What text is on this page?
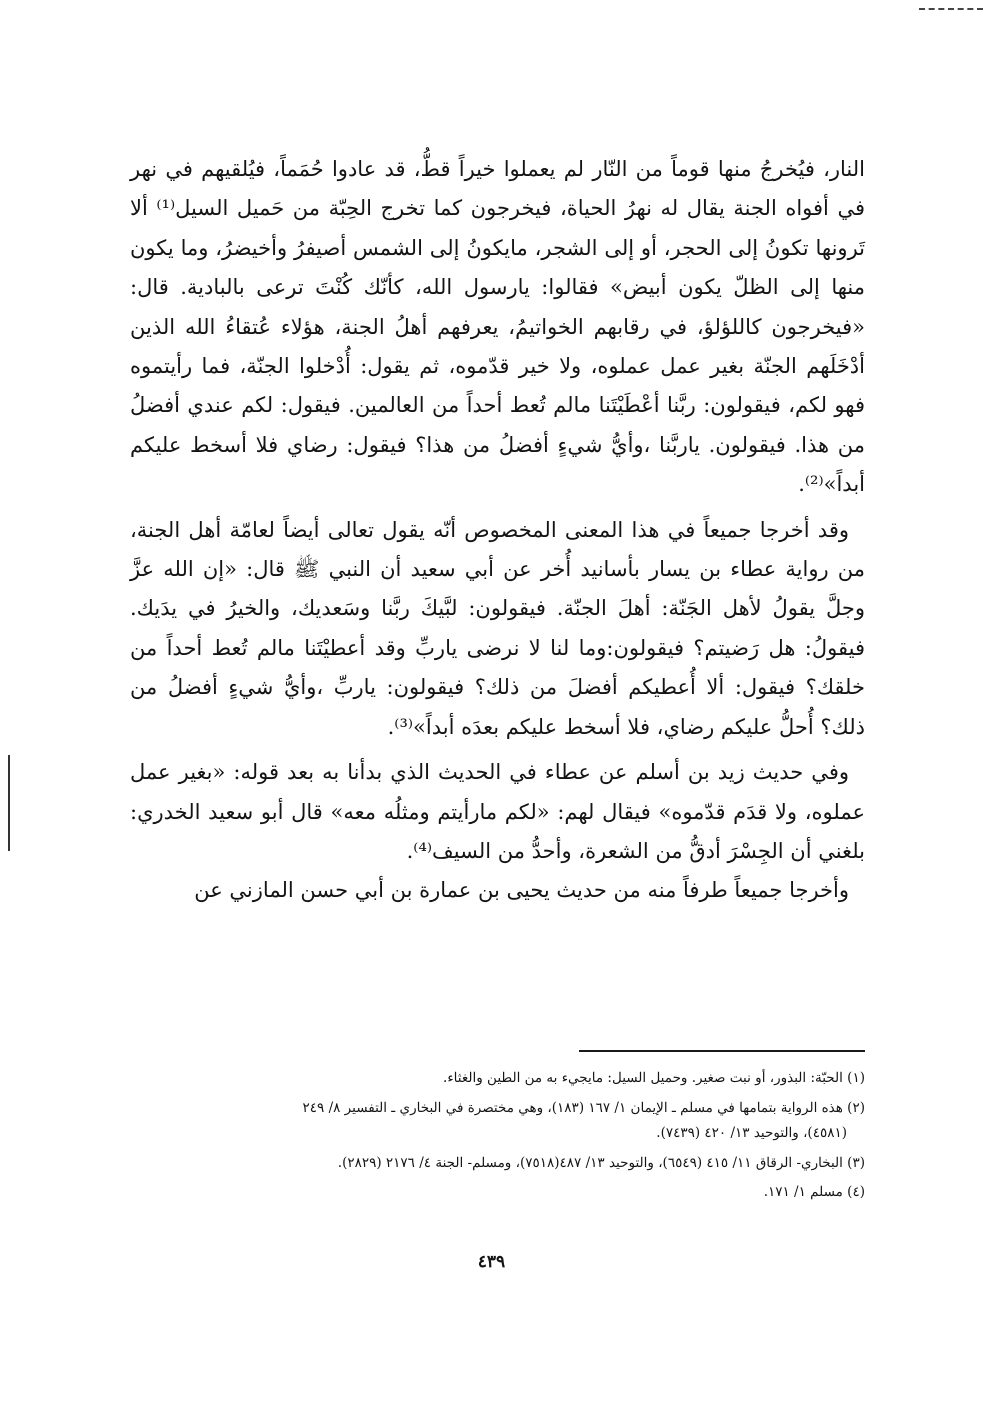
النار، فيُخرجُ منها قوماً من النّار لم يعملوا خيراً قطُّ، قد عادوا حُمَماً، فيُلقيهم في نهر في أفواه الجنة يقال له نهرُ الحياة، فيخرجون كما تخرج الحِبّة من حَميل السيل⁽¹⁾ ألا تَرونها تكونُ إلى الحجر، أو إلى الشجر، مايكونُ إلى الشمس أصيفرُ وأخيضرُ، وما يكون منها إلى الظلّ يكون أبيض» فقالوا: يارسول الله، كأنّك كُنْتَ ترعى بالبادية. قال: «فيخرجون كاللؤلؤ، في رقابهم الخواتيمُ، يعرفهم أهلُ الجنة، هؤلاء عُتقاءُ الله الذين أدْخَلَهم الجنّة بغير عمل عملوه، ولا خير قدّموه، ثم يقول: أُدْخلوا الجنّة، فما رأيتموه فهو لكم، فيقولون: ربَّنا أعْطَيْتَنا مالم تُعط أحداً من العالمين. فيقول: لكم عندي أفضلُ من هذا. فيقولون. ياربَّنا ،وأيُّ شيءٍ أفضلُ من هذا؟ فيقول: رضاي فلا أسخط عليكم أبداً»⁽²⁾.

وقد أخرجا جميعاً في هذا المعنى المخصوص أنّه يقول تعالى أيضاً لعامّة أهل الجنة، من رواية عطاء بن يسار بأسانيد أُخر عن أبي سعيد أن النبي ﷺ قال: «إن الله عزَّ وجلَّ يقولُ لأهل الجَنّة: أهلَ الجنّة. فيقولون: لبَّيكَ ربَّنا وسَعديك، والخيرُ في يدَيك. فيقولُ: هل رَضيتم؟ فيقولون:وما لنا لا نرضى ياربِّ وقد أعطيْتَنا مالم تُعط أحداً من خلقك؟ فيقول: ألا أُعطيكم أفضلَ من ذلك؟ فيقولون: ياربِّ ،وأيُّ شيءٍ أفضلُ من ذلك؟ أُحلُّ عليكم رضاي، فلا أسخط عليكم بعدَه أبداً»⁽³⁾.

وفي حديث زيد بن أسلم عن عطاء في الحديث الذي بدأنا به بعد قوله: «بغير عمل عملوه، ولا قدَم قدّموه» فيقال لهم: «لكم مارأيتم ومثلُه معه» قال أبو سعيد الخدري: بلغني أن الجِسْرَ أدقُّ من الشعرة، وأحدُّ من السيف⁽⁴⁾.

وأخرجا جميعاً طرفاً منه من حديث يحيى بن عمارة بن أبي حسن المازني عن

(١) الحبّة: البذور، أو نبت صغير. وحميل السيل: مايجيء به من الطين والغثاء.

(٢) هذه الرواية بتمامها في مسلم ـ الإيمان ١/ ١٦٧ (١٨٣)، وهي مختصرة في البخاري ـ التفسير ٨/ ٢٤٩

(٤٥٨١)، والتوحيد ١٣/ ٤٢٠ (٧٤٣٩).

(٣) البخاري- الرقاق ١١/ ٤١٥ (٦٥٤٩)، والتوحيد ١٣/ ٤٨٧(٧٥١٨)، ومسلم- الجنة ٤/ ٢١٧٦ (٢٨٢٩).

(٤) مسلم ١/ ١٧١.

٤٣٩
